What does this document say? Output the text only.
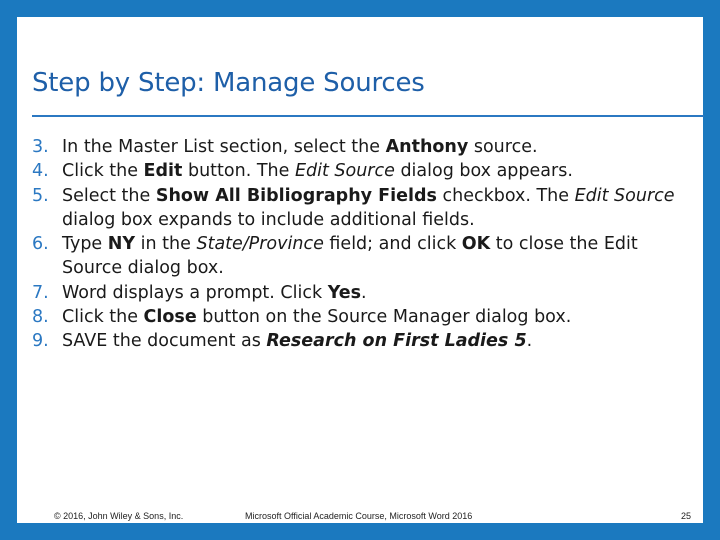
Step by Step: Manage Sources
3. In the Master List section, select the Anthony source.
4. Click the Edit button. The Edit Source dialog box appears.
5. Select the Show All Bibliography Fields checkbox. The Edit Source dialog box expands to include additional fields.
6. Type NY in the State/Province field; and click OK to close the Edit Source dialog box.
7. Word displays a prompt. Click Yes.
8. Click the Close button on the Source Manager dialog box.
9. SAVE the document as Research on First Ladies 5.
© 2016, John Wiley & Sons, Inc.	Microsoft Official Academic Course, Microsoft Word 2016	25
